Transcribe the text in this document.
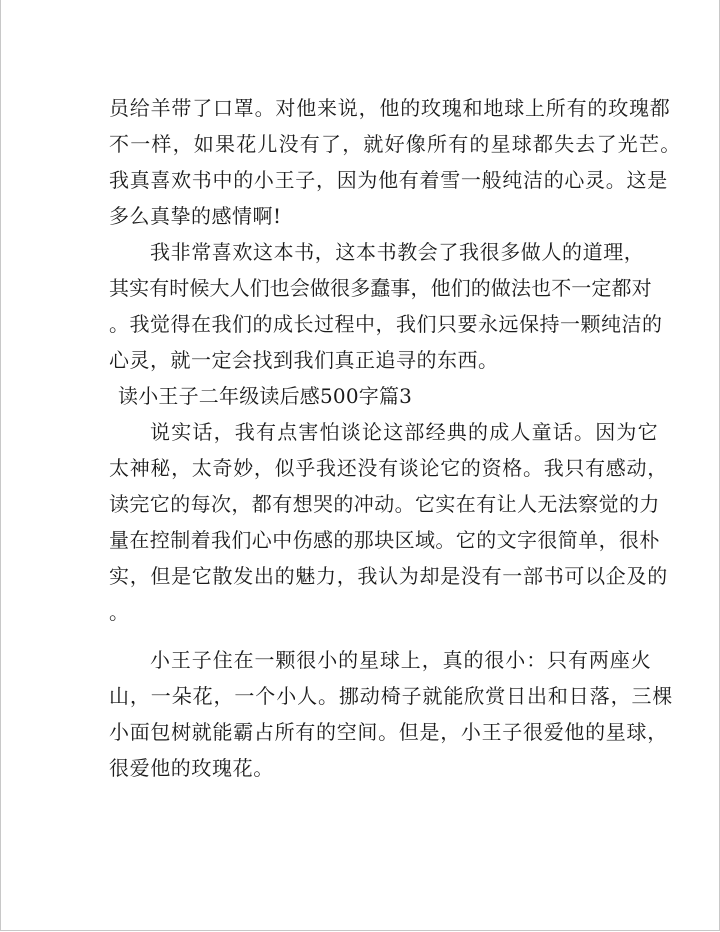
员给羊带了口罩。对他来说，他的玫瑰和地球上所有的玫瑰都
不一样，如果花儿没有了，就好像所有的星球都失去了光芒。
我真喜欢书中的小王子，因为他有着雪一般纯洁的心灵。这是
多么真挚的感情啊!
我非常喜欢这本书，这本书教会了我很多做人的道理，
其实有时候大人们也会做很多蠢事，他们的做法也不一定都对
。我觉得在我们的成长过程中，我们只要永远保持一颗纯洁的
心灵，就一定会找到我们真正追寻的东西。
读小王子二年级读后感500字篇3
说实话，我有点害怕谈论这部经典的成人童话。因为它
太神秘，太奇妙，似乎我还没有谈论它的资格。我只有感动，
读完它的每次，都有想哭的冲动。它实在有让人无法察觉的力
量在控制着我们心中伤感的那块区域。它的文字很简单，很朴
实，但是它散发出的魅力，我认为却是没有一部书可以企及的
。
小王子住在一颗很小的星球上，真的很小：只有两座火
山，一朵花，一个小人。挪动椅子就能欣赏日出和日落，三棵
小面包树就能霸占所有的空间。但是，小王子很爱他的星球，
很爱他的玫瑰花。
